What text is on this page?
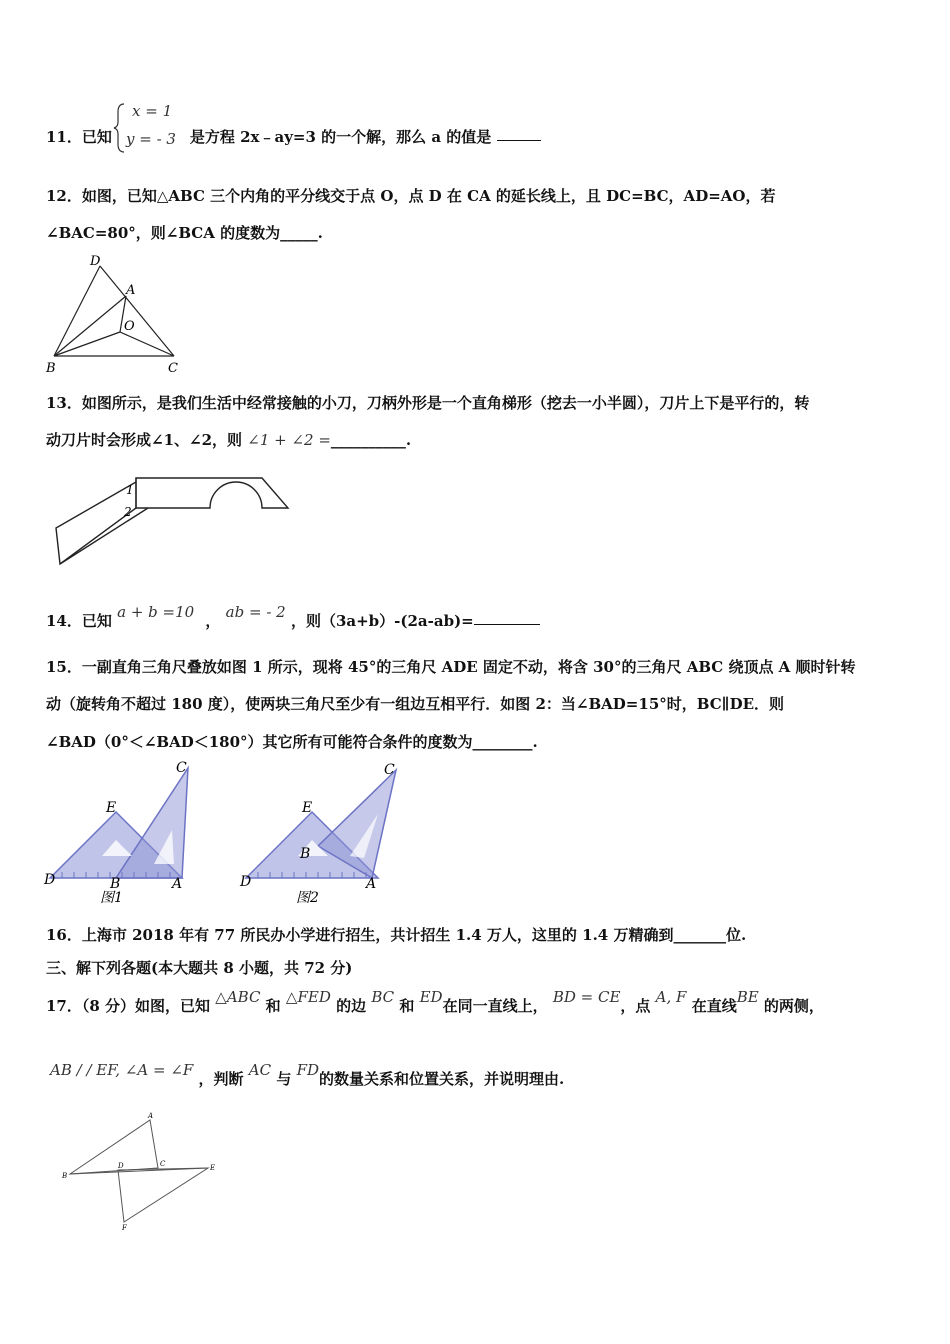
11．已知	是方程 2x﹣ay=3 的一个解，那么 a 的值是
x = 1
y = - 3
12．如图，已知△ABC 三个内角的平分线交于点 O，点 D 在 CA 的延长线上，且 DC=BC，AD=AO，若
∠BAC=80°，则∠BCA 的度数为_____.
D
A
O
B	C
13．如图所示，是我们生活中经常接触的小刀，刀柄外形是一个直角梯形（挖去一小半圆），刀片上下是平行的，转
动刀片时会形成∠1、∠2，则 ∠1 + ∠2 =__________.
1
2
14．已知 a + b =10 ， ab = - 2 ，则（3a+b）-(2a-ab)=
15．一副直角三角尺叠放如图 1 所示，现将 45°的三角尺 ADE 固定不动，将含 30°的三角尺 ABC 绕顶点 A 顺时针转
动（旋转角不超过 180 度），使两块三角尺至少有一组边互相平行．如图 2：当∠BAD=15°时，BC∥DE．则
∠BAD（0°＜∠BAD＜180°）其它所有可能符合条件的度数为________.
C
E
B
D	A
图1
C
E
B
D	A
图2
16．上海市 2018 年有 77 所民办小学进行招生，共计招生 1.4 万人，这里的 1.4 万精确到_______位.
三、解下列各题(本大题共 8 小题，共 72 分)
17．（8 分）如图，已知 △ABC 和 △FED 的边 BC 和 ED在同一直线上， BD = CE，点 A, F 在直线BE 的两侧，
AB / / EF, ∠A = ∠F ，判断 AC 与 FD的数量关系和位置关系，并说明理由.
A
B
D	C	E
F
